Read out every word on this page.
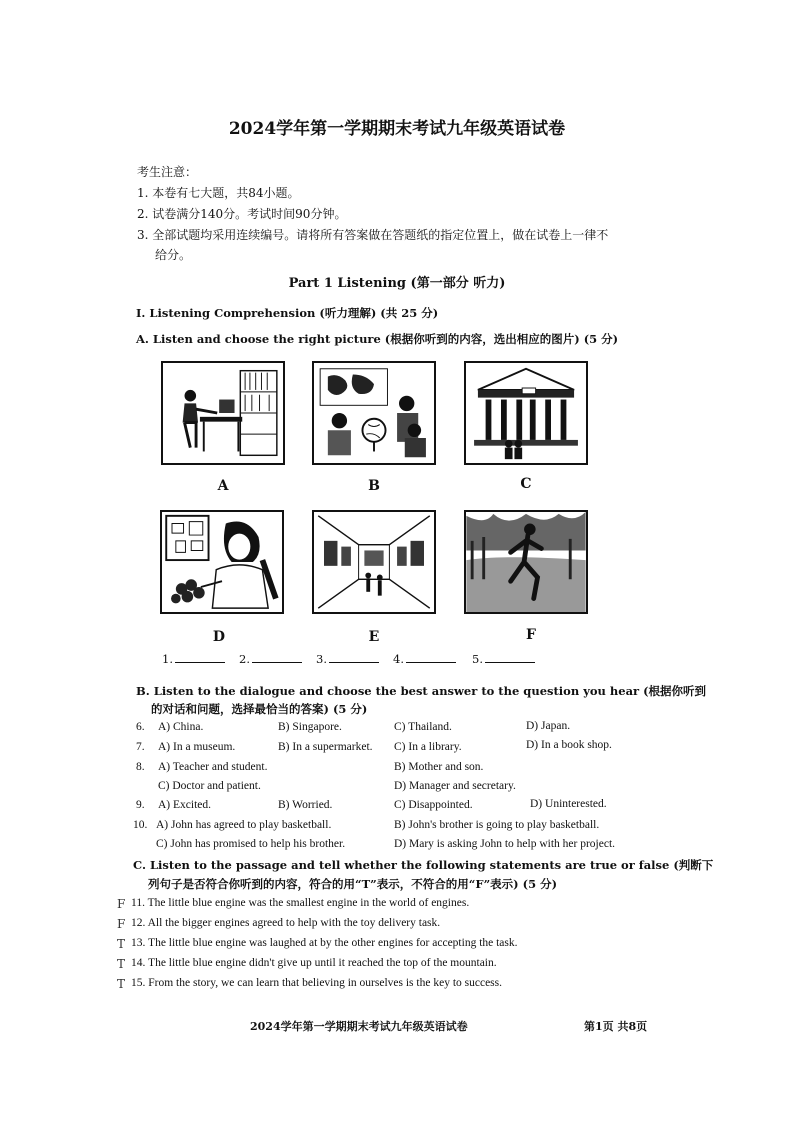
2024学年第一学期期末考试九年级英语试卷
考生注意：
1. 本卷有七大题，共84小题。
2. 试卷满分140分。考试时间90分钟。
3. 全部试题均采用连续编号。请将所有答案做在答题纸的指定位置上，做在试卷上一律不
给分。
Part 1 Listening (第一部分 听力)
I. Listening Comprehension (听力理解) (共 25 分)
A. Listen and choose the right picture (根据你听到的内容，选出相应的图片) (5 分)
A	B	C
D	E	F
1.	2.	3.	4.	5.
B. Listen to the dialogue and choose the best answer to the question you hear (根据你听到
的对话和问题，选择最恰当的答案) (5 分)
6. A) China.	B) Singapore.	C) Thailand.	D) Japan.
7. A) In a museum.	B) In a supermarket. C) In a library.	D) In a book shop.
8. A) Teacher and student.	B) Mother and son.
C) Doctor and patient.	D) Manager and secretary.
9. A) Excited.	B) Worried.	C) Disappointed.	D) Uninterested.
10. A) John has agreed to play basketball.	B) John's brother is going to play basketball.
C) John has promised to help his brother.	D) Mary is asking John to help with her project.
C. Listen to the passage and tell whether the following statements are true or false (判断下
列句子是否符合你听到的内容，符合的用“T”表示，不符合的用“F”表示) (5 分)
F 11. The little blue engine was the smallest engine in the world of engines.
F 12. All the bigger engines agreed to help with the toy delivery task.
T 13. The little blue engine was laughed at by the other engines for accepting the task.
T 14. The little blue engine didn't give up until it reached the top of the mountain.
T 15. From the story, we can learn that believing in ourselves is the key to success.
2024学年第一学期期末考试九年级英语试卷	第1页 共8页
